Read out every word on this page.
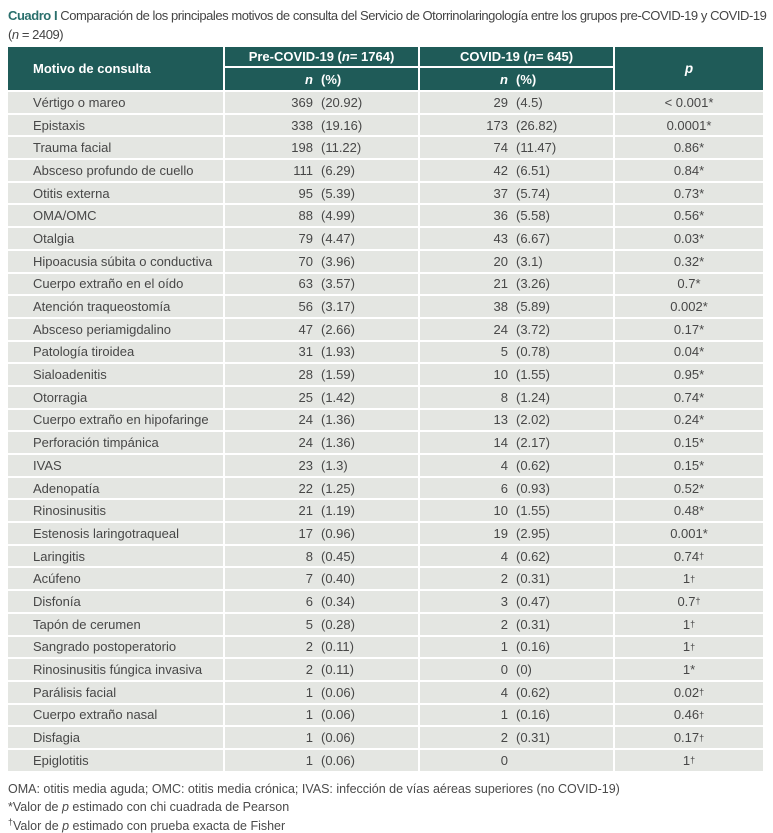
Cuadro I Comparación de los principales motivos de consulta del Servicio de Otorrinolaringología entre los grupos pre-COVID-19 y COVID-19
(n = 2409)
Motivo de consulta
Pre-COVID-19 ( n = 1764)
n (%)
COVID-19 ( n = 645)
n (%)
p
Vértigo o mareo	369 (20.92)	29 (4.5)	< 0.001*
Epistaxis	338 (19.16)	173 (26.82)	0.0001*
Trauma facial	198 (11.22)	74 (11.47)	0.86*
Absceso profundo de cuello	111 (6.29)	42 (6.51)	0.84*
Otitis externa	95 (5.39)	37 (5.74)	0.73*
OMA/OMC	88 (4.99)	36 (5.58)	0.56*
Otalgia	79 (4.47)	43 (6.67)	0.03*
Hipoacusia súbita o conductiva	70 (3.96)	20 (3.1)	0.32*
Cuerpo extraño en el oído	63 (3.57)	21 (3.26)	0.7*
Atención traqueostomía	56 (3.17)	38 (5.89)	0.002*
Absceso periamigdalino	47 (2.66)	24 (3.72)	0.17*
Patología tiroidea	31 (1.93)	5 (0.78)	0.04*
Sialoadenitis	28 (1.59)	10 (1.55)	0.95*
Otorragia	25 (1.42)	8 (1.24)	0.74*
Cuerpo extraño en hipofaringe	24 (1.36)	13 (2.02)	0.24*
Perforación timpánica	24 (1.36)	14 (2.17)	0.15*
IVAS	23 (1.3)	4 (0.62)	0.15*
Adenopatía	22 (1.25)	6 (0.93)	0.52*
Rinosinusitis	21 (1.19)	10 (1.55)	0.48*
Estenosis laringotraqueal	17 (0.96)	19 (2.95)	0.001*
Laringitis	8 (0.45)	4 (0.62)	0.74 †
Acúfeno	7 (0.40)	2 (0.31)	1 †
Disfonía	6 (0.34)	3 (0.47)	0.7 †
Tapón de cerumen	5 (0.28)	2 (0.31)	1 †
Sangrado postoperatorio	2 (0.11)	1 (0.16)	1 †
Rinosinusitis fúngica invasiva	2 (0.11)	0 (0)	1*
Parálisis facial	1 (0.06)	4 (0.62)	0.02 †
Cuerpo extraño nasal	1 (0.06)	1 (0.16)	0.46 †
Disfagia	1 (0.06)	2 (0.31)	0.17 †
Epiglotitis	1 (0.06)	0	1 †
OMA: otitis media aguda; OMC: otitis media crónica; IVAS: infección de vías aéreas superiores (no COVID-19)
*Valor de p estimado con chi cuadrada de Pearson
†Valor de p estimado con prueba exacta de Fisher
